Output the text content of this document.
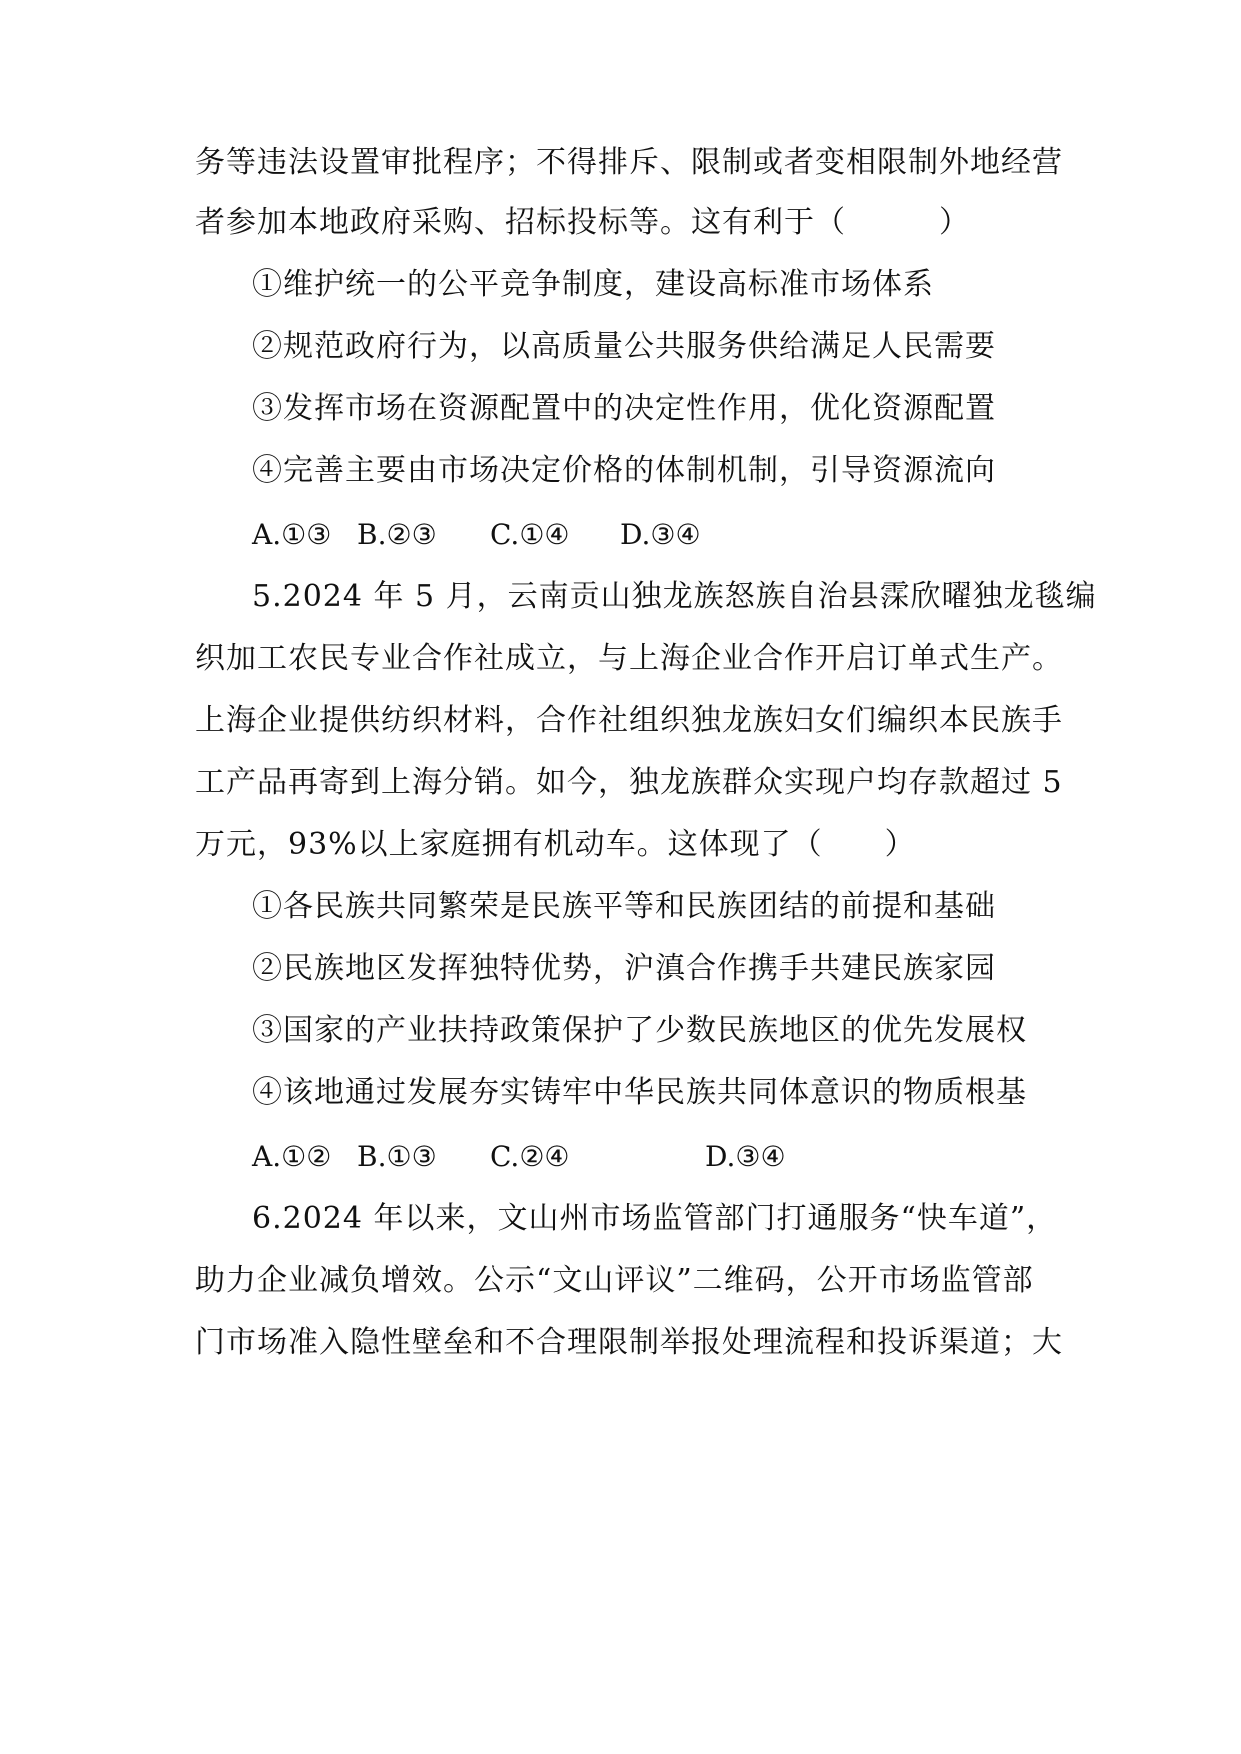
务等违法设置审批程序；不得排斥、限制或者变相限制外地经营
者参加本地政府采购、招标投标等。这有利于（　　　）
①维护统一的公平竞争制度，建设高标准市场体系
②规范政府行为，以高质量公共服务供给满足人民需要
③发挥市场在资源配置中的决定性作用，优化资源配置
④完善主要由市场决定价格的体制机制，引导资源流向
A.①③ B.②③ C.①④ D.③④
5.2024 年 5 月，云南贡山独龙族怒族自治县霂欣曜独龙毯编
织加工农民专业合作社成立，与上海企业合作开启订单式生产。
上海企业提供纺织材料，合作社组织独龙族妇女们编织本民族手
工产品再寄到上海分销。如今，独龙族群众实现户均存款超过 5
万元，93%以上家庭拥有机动车。这体现了（　　）
①各民族共同繁荣是民族平等和民族团结的前提和基础
②民族地区发挥独特优势，沪滇合作携手共建民族家园
③国家的产业扶持政策保护了少数民族地区的优先发展权
④该地通过发展夯实铸牢中华民族共同体意识的物质根基
A.①② B.①③ C.②④	D.③④
6.2024 年以来，文山州市场监管部门打通服务“快车道”，
助力企业减负增效。公示“文山评议”二维码，公开市场监管部
门市场准入隐性壁垒和不合理限制举报处理流程和投诉渠道；大
